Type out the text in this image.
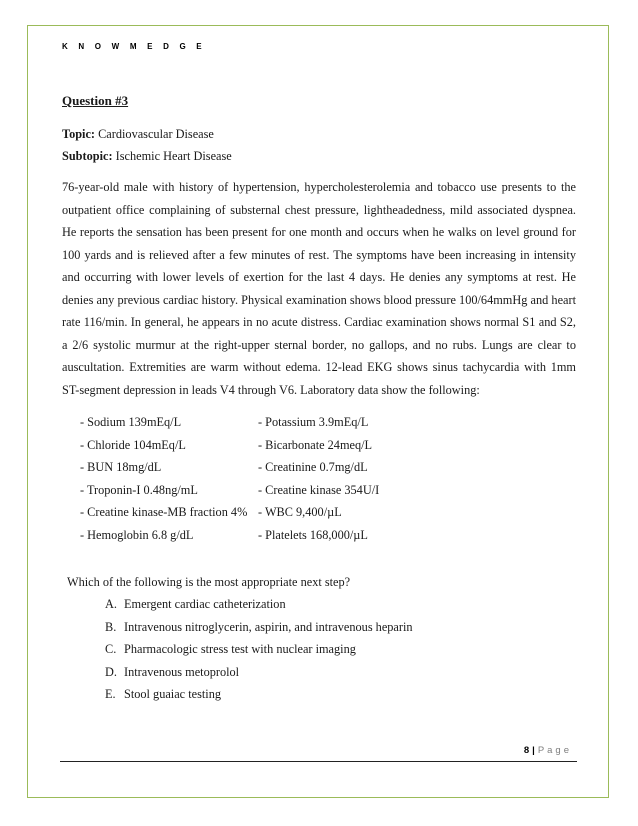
K N O W M E D G E

Question #3

Topic: Cardiovascular Disease
Subtopic: Ischemic Heart Disease
76-year-old male with history of hypertension, hypercholesterolemia and tobacco use presents to the outpatient office complaining of substernal chest pressure, lightheadedness, mild associated dyspnea. He reports the sensation has been present for one month and occurs when he walks on level ground for 100 yards and is relieved after a few minutes of rest. The symptoms have been increasing in intensity and occurring with lower levels of exertion for the last 4 days. He denies any symptoms at rest. He denies any previous cardiac history. Physical examination shows blood pressure 100/64mmHg and heart rate 116/min. In general, he appears in no acute distress. Cardiac examination shows normal S1 and S2, a 2/6 systolic murmur at the right-upper sternal border, no gallops, and no rubs. Lungs are clear to auscultation. Extremities are warm without edema. 12-lead EKG shows sinus tachycardia with 1mm ST-segment depression in leads V4 through V6. Laboratory data show the following:
- Sodium 139mEq/L	- Potassium 3.9mEq/L
- Chloride 104mEq/L	- Bicarbonate 24meq/L
- BUN 18mg/dL	- Creatinine 0.7mg/dL
- Troponin-I 0.48ng/mL	- Creatine kinase 354U/I
- Creatine kinase-MB fraction 4% - WBC 9,400/µL
- Hemoglobin 6.8 g/dL	- Platelets 168,000/µL
Which of the following is the most appropriate next step?
A. Emergent cardiac catheterization
B. Intravenous nitroglycerin, aspirin, and intravenous heparin
C. Pharmacologic stress test with nuclear imaging
D. Intravenous metoprolol
E. Stool guaiac testing
8 | Page
